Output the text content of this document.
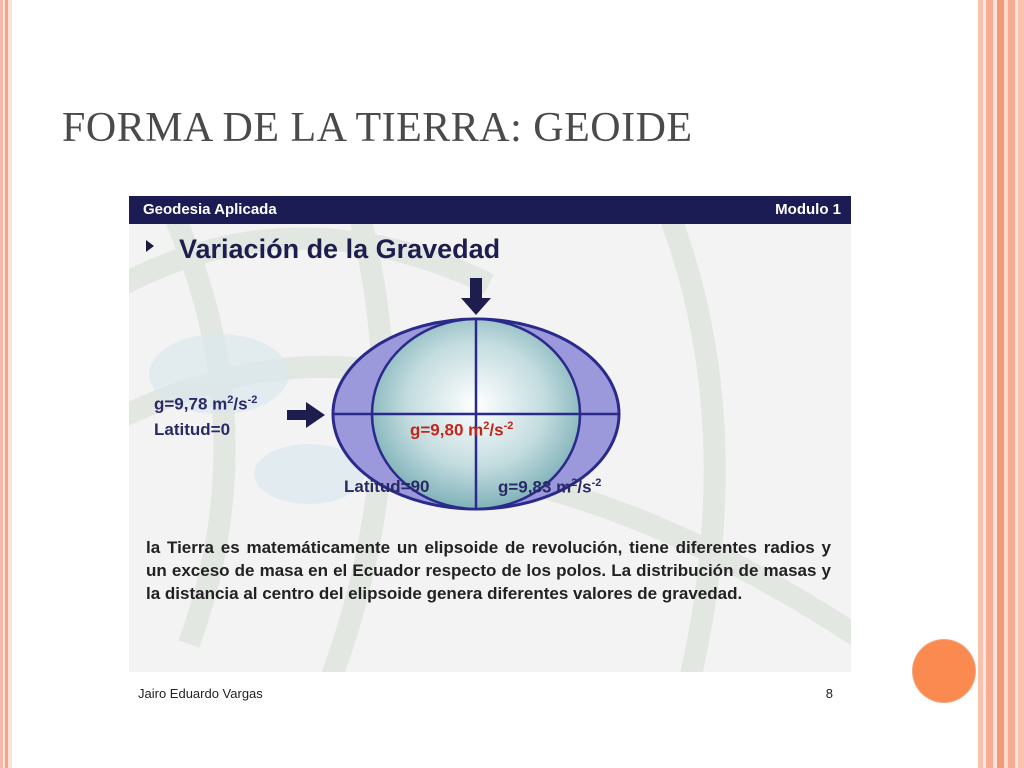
FORMA DE LA TIERRA: GEOIDE
Geodesia Aplicada	Modulo 1
Variación de la Gravedad
Latitud=90	g=9,83 $m^2/s^{-2}$
g=9,78 $m^2/s^{-2}$
Latitud=0	g=9,80 $m^2/s^{-2}$

la Tierra es matemáticamente un elipsoide de revolución, tiene diferentes radios y un exceso de masa en el Ecuador respecto de los polos. La distribución de masas y la distancia al centro del elipsoide genera diferentes valores de gravedad.

Jairo Eduardo Vargas	8
